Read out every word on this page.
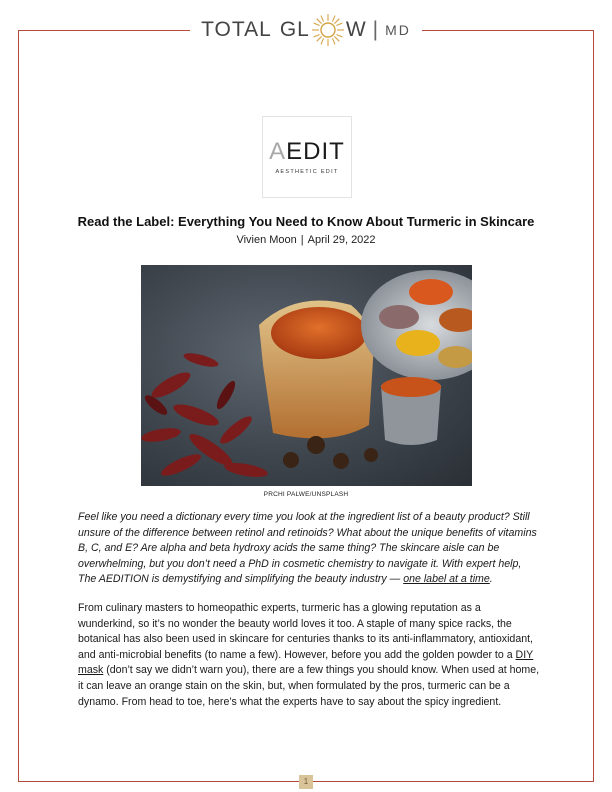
TOTAL GL W | MD
AEDIT
AESTHETIC EDIT
Read the Label: Everything You Need to Know About Turmeric in Skincare
Vivien Moon | April 29, 2022
PRCHI PALWE/UNSPLASH
Feel like you need a dictionary every time you look at the ingredient list of a beauty product? Still unsure of the difference between retinol and retinoids? What about the unique benefits of vitamins B, C, and E? Are alpha and beta hydroxy acids the same thing? The skincare aisle can be overwhelming, but you don’t need a PhD in cosmetic chemistry to navigate it. With expert help, The AEDITION is demystifying and simplifying the beauty industry — one label at a time.
From culinary masters to homeopathic experts, turmeric has a glowing reputation as a wunderkind, so it’s no wonder the beauty world loves it too. A staple of many spice racks, the botanical has also been used in skincare for centuries thanks to its anti-inflammatory, antioxidant, and anti-microbial benefits (to name a few). However, before you add the golden powder to a DIY mask (don’t say we didn’t warn you), there are a few things you should know. When used at home, it can leave an orange stain on the skin, but, when formulated by the pros, turmeric can be a dynamo. From head to toe, here’s what the experts have to say about the spicy ingredient.
1
